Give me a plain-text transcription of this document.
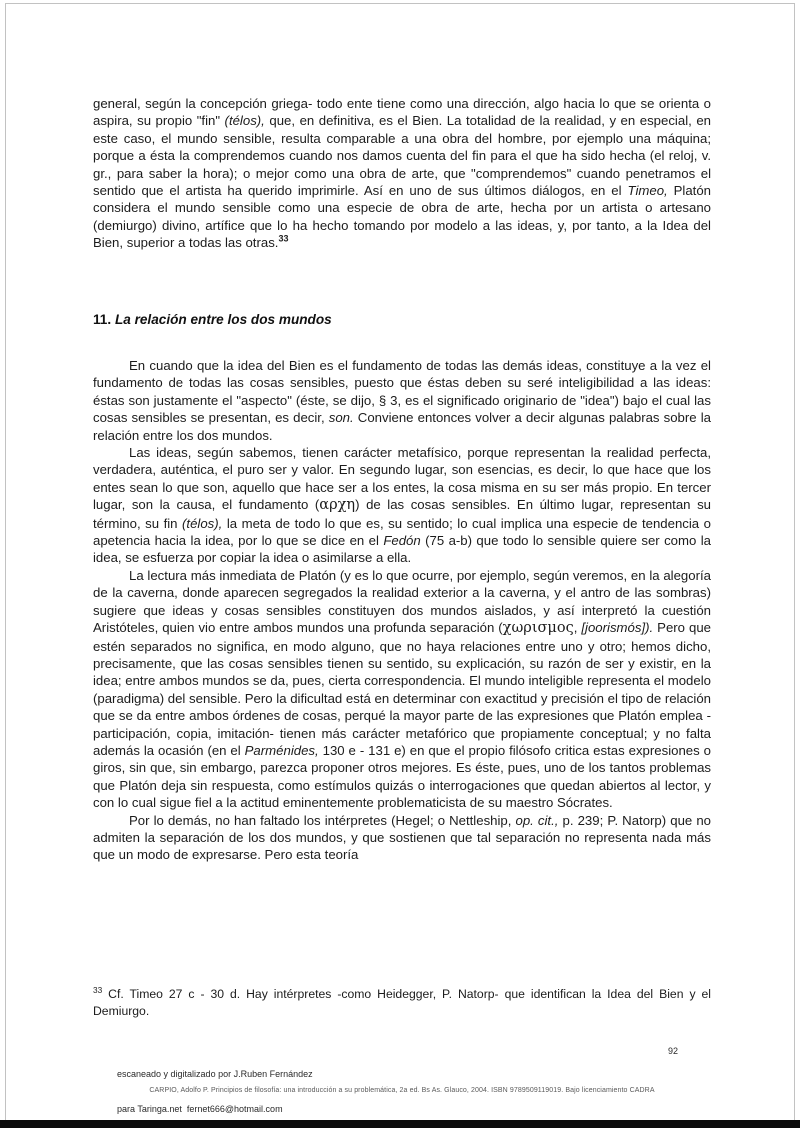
general, según la concepción griega- todo ente tiene como una dirección, algo hacia lo que se orienta o aspira, su propio "fin" (télos), que, en definitiva, es el Bien. La totalidad de la realidad, y en especial, en este caso, el mundo sensible, resulta comparable a una obra del hombre, por ejemplo una máquina; porque a ésta la comprendemos cuando nos damos cuenta del fin para el que ha sido hecha (el reloj, v. gr., para saber la hora); o mejor como una obra de arte, que "comprendemos" cuando penetramos el sentido que el artista ha querido imprimirle. Así en uno de sus últimos diálogos, en el Timeo, Platón considera el mundo sensible como una especie de obra de arte, hecha por un artista o artesano (demiurgo) divino, artífice que lo ha hecho tomando por modelo a las ideas, y, por tanto, a la Idea del Bien, superior a todas las otras.$^{33}$

11. La relación entre los dos mundos

En cuando que la idea del Bien es el fundamento de todas las demás ideas, constituye a la vez el fundamento de todas las cosas sensibles, puesto que éstas deben su seré inteligibilidad a las ideas: éstas son justamente el "aspecto" (éste, se dijo, § 3, es el significado originario de "idea") bajo el cual las cosas sensibles se presentan, es decir, son. Conviene entonces volver a decir algunas palabras sobre la relación entre los dos mundos.

Las ideas, según sabemos, tienen carácter metafísico, porque representan la realidad perfecta, verdadera, auténtica, el puro ser y valor. En segundo lugar, son esencias, es decir, lo que hace que los entes sean lo que son, aquello que hace ser a los entes, la cosa misma en su ser más propio. En tercer lugar, son la causa, el fundamento (αρχη) de las cosas sensibles. En último lugar, representan su término, su fin (télos), la meta de todo lo que es, su sentido; lo cual implica una especie de tendencia o apetencia hacia la idea, por lo que se dice en el Fedón (75 a-b) que todo lo sensible quiere ser como la idea, se esfuerza por copiar la idea o asimilarse a ella.

La lectura más inmediata de Platón (y es lo que ocurre, por ejemplo, según veremos, en la alegoría de la caverna, donde aparecen segregados la realidad exterior a la caverna, y el antro de las sombras) sugiere que ideas y cosas sensibles constituyen dos mundos aislados, y así interpretó la cuestión Aristóteles, quien vio entre ambos mundos una profunda separación (χωρισμος, [joorismós]). Pero que estén separados no significa, en modo alguno, que no haya relaciones entre uno y otro; hemos dicho, precisamente, que las cosas sensibles tienen su sentido, su explicación, su razón de ser y existir, en la idea; entre ambos mundos se da, pues, cierta correspondencia. El mundo inteligible representa el modelo (paradigma) del sensible. Pero la dificultad está en determinar con exactitud y precisión el tipo de relación que se da entre ambos órdenes de cosas, perqué la mayor parte de las expresiones que Platón emplea -participación, copia, imitación- tienen más carácter metafórico que propiamente conceptual; y no falta además la ocasión (en el Parménides, 130 e - 131 e) en que el propio filósofo critica estas expresiones o giros, sin que, sin embargo, parezca proponer otros mejores. Es éste, pues, uno de los tantos problemas que Platón deja sin respuesta, como estímulos quizás o interrogaciones que quedan abiertos al lector, y con lo cual sigue fiel a la actitud eminentemente problematicista de su maestro Sócrates.

Por lo demás, no han faltado los intérpretes (Hegel; o Nettleship, op. cit., p. 239; P. Natorp) que no admiten la separación de los dos mundos, y que sostienen que tal separación no representa nada más que un modo de expresarse. Pero esta teoría

$^{33}$ Cf. Timeo 27 c - 30 d. Hay intérpretes -como Heidegger, P. Natorp- que identifican la Idea del Bien y el Demiurgo.

escaneado y digitalizado por J.Ruben Fernández

para Taringa.net  fernet666@hotmail.com

92
CARPIO, Adolfo P. Principios de filosofía: una introducción a su problemática, 2a ed. Bs As. Glauco, 2004. ISBN 9789509119019. Bajo licenciamiento CADRA
